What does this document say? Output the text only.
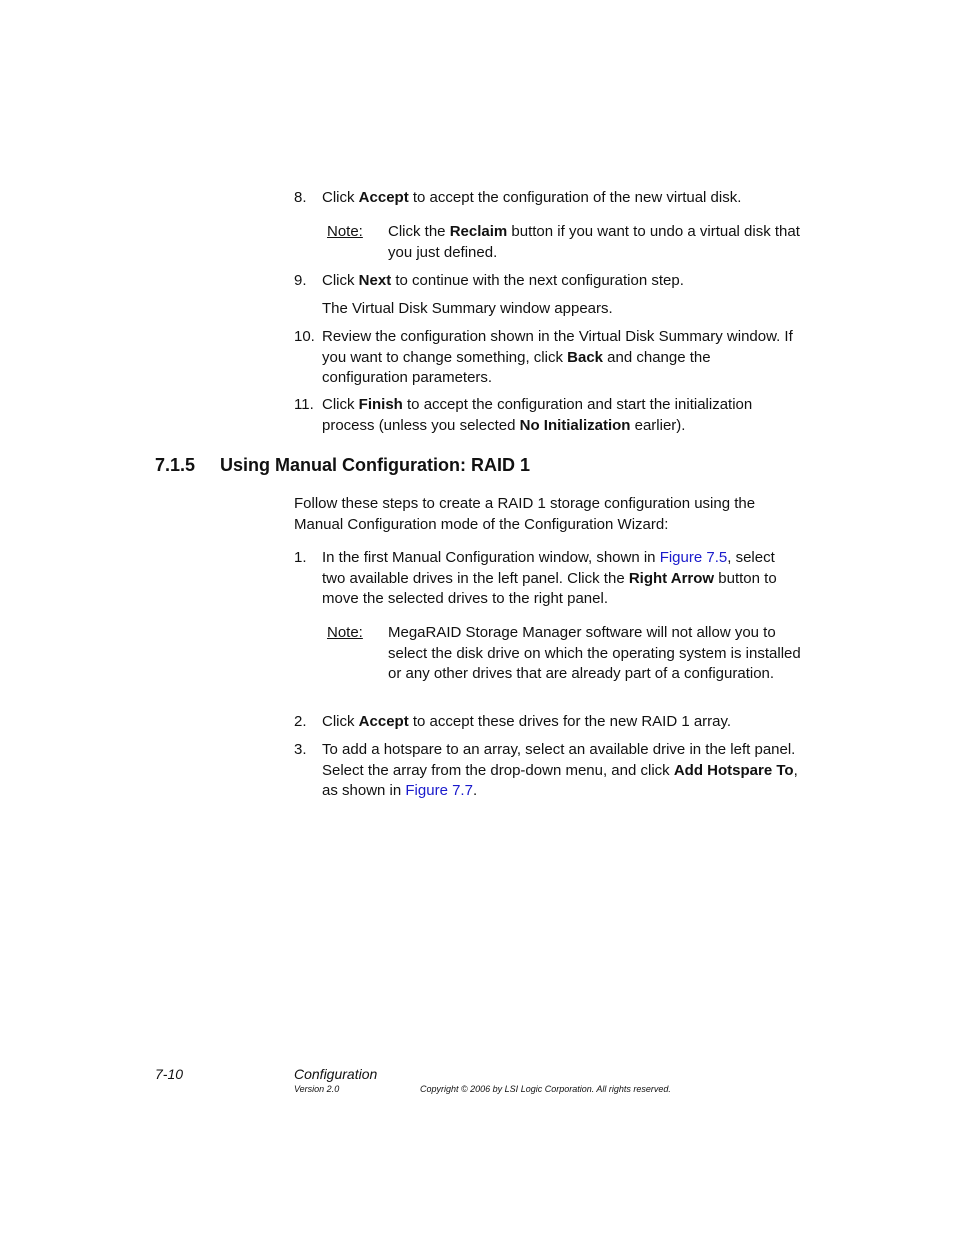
8. Click Accept to accept the configuration of the new virtual disk.
Note: Click the Reclaim button if you want to undo a virtual disk that you just defined.
9. Click Next to continue with the next configuration step.
The Virtual Disk Summary window appears.
10. Review the configuration shown in the Virtual Disk Summary window. If you want to change something, click Back and change the configuration parameters.
11. Click Finish to accept the configuration and start the initialization process (unless you selected No Initialization earlier).
7.1.5 Using Manual Configuration: RAID 1
Follow these steps to create a RAID 1 storage configuration using the Manual Configuration mode of the Configuration Wizard:
1. In the first Manual Configuration window, shown in Figure 7.5, select two available drives in the left panel. Click the Right Arrow button to move the selected drives to the right panel.
Note: MegaRAID Storage Manager software will not allow you to select the disk drive on which the operating system is installed or any other drives that are already part of a configuration.
2. Click Accept to accept these drives for the new RAID 1 array.
3. To add a hotspare to an array, select an available drive in the left panel. Select the array from the drop-down menu, and click Add Hotspare To, as shown in Figure 7.7.
7-10	Configuration
Version 2.0	Copyright © 2006 by LSI Logic Corporation. All rights reserved.
